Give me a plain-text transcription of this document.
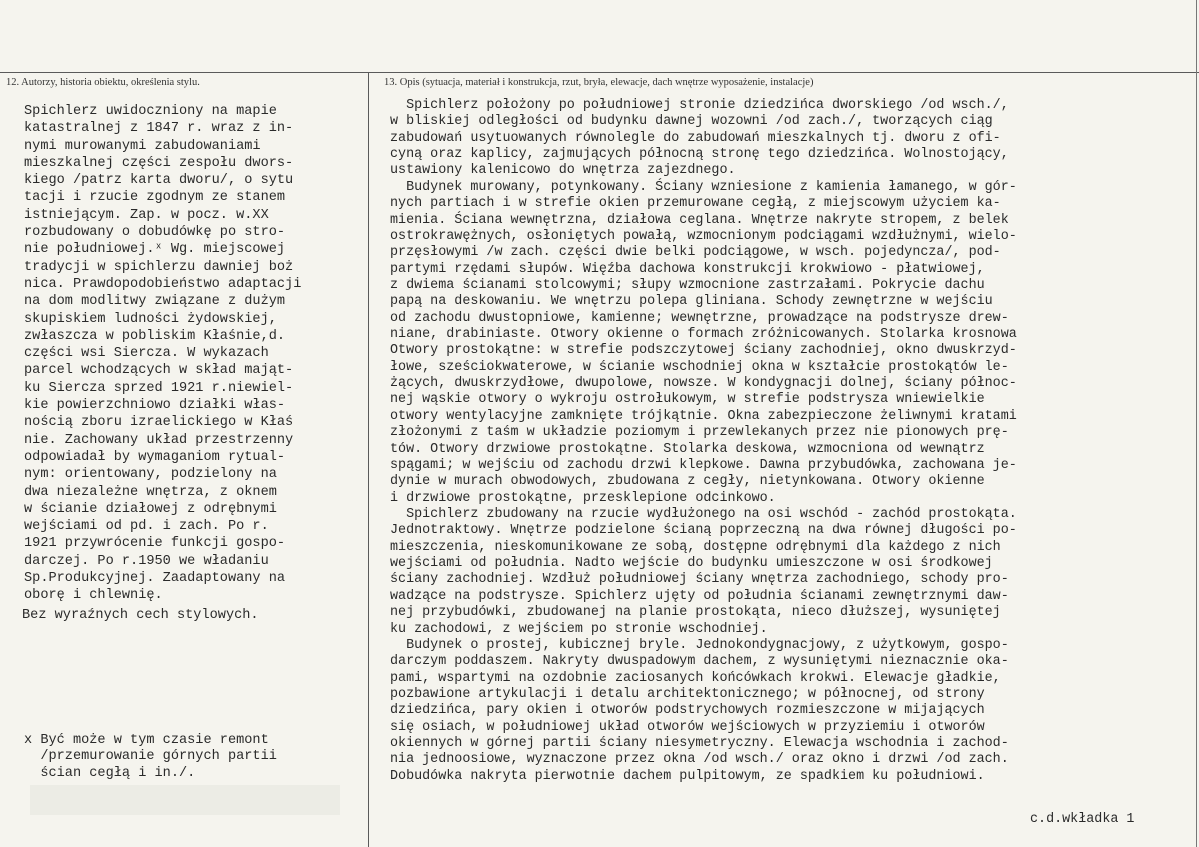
12. Autorzy, historia obiektu, określenia stylu.	13. Opis (sytuacja, materiał i konstrukcja, rzut, bryła, elewacje, dach wnętrze wyposażenie, instalacje)
Spichlerz uwidoczniony na mapie
katastralnej z 1847 r. wraz z in-
nymi murowanymi zabudowaniami
mieszkalnej części zespołu dwors-
kiego /patrz karta dworu/, o sytu
tacji i rzucie zgodnym ze stanem
istniejącym. Zap. w poсz. w.XX
rozbudowany o dobudówkę po stro-
nie południowej.ˣ Wg. miejscowej
tradycji w spichlerzu dawniej boż
nica. Prawdopodobieństwo adaptacji
na dom modlitwy związane z dużym
skupiskiem ludności żydowskiej,
zwłaszcza w pobliskim Kłaśnie,d.
części wsi Siercza. W wykazach
parcel wchodzących w skład mająt-
ku Siercza sprzed 1921 r.niewiel-
kie powierzchniowo działki włas-
nością zboru izraelickiego w Kłaś
nie. Zachowany układ przestrzenny
odpowiadał by wymaganiom rytual-
nym: orientowany, podzielony na
dwa niezależne wnętrza, z oknem
w ścianie działowej z odrębnymi
wejściami od pd. i zach. Po r.
1921 przywrócenie funkcji gospo-
darczej. Po r.1950 we władaniu
Sp.Produkcyjnej. Zaadaptowany na
oborę i chlewnię.
Bez wyraźnych cech stylowych.
x Być może w tym czasie remont
/przemurowanie górnych partii
ścian cegłą i in./.
Spichlerz położony po południowej stronie dziedzińca dworskiego /od wsch./,
w bliskiej odległości od budynku dawnej wozowni /od zach./, tworzących ciąg
zabudowań usytuowanych równolegle do zabudowań mieszkalnych tj. dworu z ofi-
cyną oraz kaplicy, zajmujących północną stronę tego dziedzińca. Wolnostojący,
ustawiony kalenicowo do wnętrza zajezdnego.
Budynek murowany, potynkowany. Ściany wzniesione z kamienia łamanego, w gór-
nych partiach i w strefie okien przemurowane cegłą, z miejscowym użyciem ka-
mienia. Ściana wewnętrzna, działowa ceglana. Wnętrze nakryte stropem, z belek
ostrokrawężnych, osłoniętych powałą, wzmocnionym podciągami wzdłużnymi, wielo-
przęsłowymi /w zach. części dwie belki podciągowe, w wsch. pojedyncza/, pod-
partymi rzędami słupów. Więźba dachowa konstrukcji krokwiowo - płatwiowej,
z dwiema ścianami stolcowymi; słupy wzmocnione zastrzałami. Pokrycie dachu
papą na deskowaniu. We wnętrzu polepa gliniana. Schody zewnętrzne w wejściu
od zachodu dwustopniowe, kamienne; wewnętrzne, prowadzące na podstrysze drew-
niane, drabiniaste. Otwory okienne o formach zróżnicowanych. Stolarka krosnowa
Otwory prostokątne: w strefie podszczytowej ściany zachodniej, okno dwuskrzyd-
łowe, sześciokwaterowe, w ścianie wschodniej okna w kształcie prostokątów le-
żących, dwuskrzydłowe, dwupolowe, nowsze. W kondygnacji dolnej, ściany północ-
nej wąskie otwory o wykroju ostrołukowym, w strefie podstrysza wniewielkie
otwory wentylacyjne zamknięte trójkątnie. Okna zabezpieczone żeliwnymi kratami
złożonymi z taśm w układzie poziomym i przewlekanych przez nie pionowych prę-
tów. Otwory drzwiowe prostokątne. Stolarka deskowa, wzmocniona od wewnątrz
spągami; w wejściu od zachodu drzwi klepkowe. Dawna przybudówka, zachowana je-
dynie w murach obwodowych, zbudowana z cegły, nietynkowana. Otwory okienne
i drzwiowe prostokątne, przesklepione odcinkowo.
Spichlerz zbudowany na rzucie wydłużonego na osi wschód - zachód prostokąta.
Jednotraktowy. Wnętrze podzielone ścianą poprzeczną na dwa równej długości po-
mieszczenia, nieskomunikowane ze sobą, dostępne odrębnymi dla każdego z nich
wejściami od południa. Nadto wejście do budynku umieszczone w osi środkowej
ściany zachodniej. Wzdłuż południowej ściany wnętrza zachodniego, schody pro-
wadzące na podstrysze. Spichlerz ujęty od południa ścianami zewnętrznymi daw-
nej przybudówki, zbudowanej na planie prostokąta, nieco dłuższej, wysuniętej
ku zachodowi, z wejściem po stronie wschodniej.
Budynek o prostej, kubicznej bryle. Jednokondygnacjowy, z użytkowym, gospo-
darczym poddaszem. Nakryty dwuspadowym dachem, z wysuniętymi nieznacznie oka-
pami, wspartymi na ozdobnie zaciosanych końcówkach krokwi. Elewacje gładkie,
pozbawione artykulacji i detalu architektonicznego; w północnej, od strony
dziedzińca, pary okien i otworów podstrychowych rozmieszczone w mijających
się osiach, w południowej układ otworów wejściowych w przyziemiu i otworów
okiennych w górnej partii ściany niesymetryczny. Elewacja wschodnia i zachod-
nia jednoosiowe, wyznaczone przez okna /od wsch./ oraz okno i drzwi /od zach.
Dobudówka nakryta pierwotnie dachem pulpitowym, ze spadkiem ku południowi.
c.d.wkładka 1
